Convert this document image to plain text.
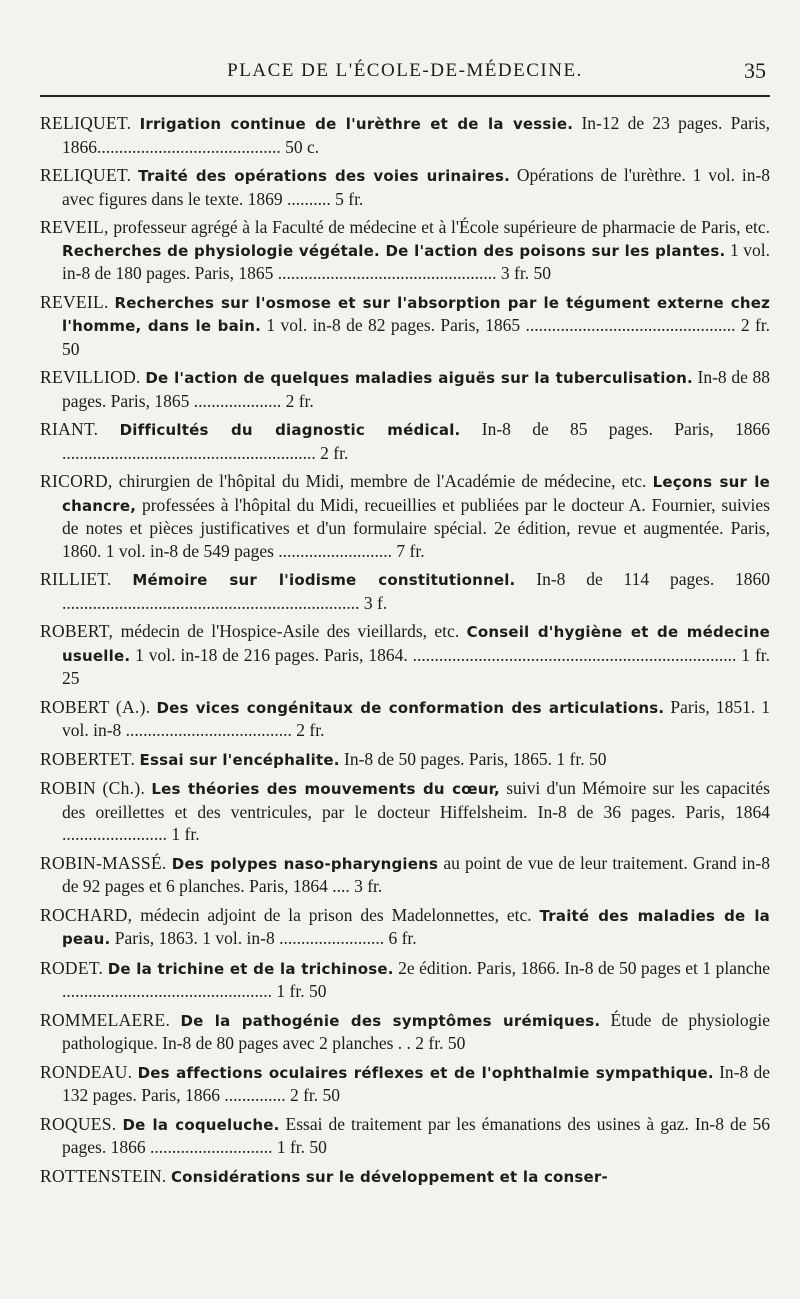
PLACE DE L'ÉCOLE-DE-MÉDECINE.	35
RELIQUET. Irrigation continue de l'urèthre et de la vessie. In-12 de 23 pages. Paris, 1866.......................................... 50 c.
RELIQUET. Traité des opérations des voies urinaires. Opérations de l'urèthre. 1 vol. in-8 avec figures dans le texte. 1869 .......... 5 fr.
REVEIL, professeur agrégé à la Faculté de médecine et à l'École supérieure de pharmacie de Paris, etc. Recherches de physiologie végétale. De l'action des poisons sur les plantes. 1 vol. in-8 de 180 pages. Paris, 1865 .................................................. 3 fr. 50
REVEIL. Recherches sur l'osmose et sur l'absorption par le tégument externe chez l'homme, dans le bain. 1 vol. in-8 de 82 pages. Paris, 1865 ................................................ 2 fr. 50
REVILLIOD. De l'action de quelques maladies aiguës sur la tuberculisation. In-8 de 88 pages. Paris, 1865 .................... 2 fr.
RIANT. Difficultés du diagnostic médical. In-8 de 85 pages. Paris, 1866 .......................................................... 2 fr.
RICORD, chirurgien de l'hôpital du Midi, membre de l'Académie de médecine, etc. Leçons sur le chancre, professées à l'hôpital du Midi, recueillies et publiées par le docteur A. Fournier, suivies de notes et pièces justificatives et d'un formulaire spécial. 2e édition, revue et augmentée. Paris, 1860. 1 vol. in-8 de 549 pages .......................... 7 fr.
RILLIET. Mémoire sur l'iodisme constitutionnel. In-8 de 114 pages. 1860 .................................................................... 3 f.
ROBERT, médecin de l'Hospice-Asile des vieillards, etc. Conseil d'hygiène et de médecine usuelle. 1 vol. in-18 de 216 pages. Paris, 1864. .......................................................................... 1 fr. 25
ROBERT (A.). Des vices congénitaux de conformation des articulations. Paris, 1851. 1 vol. in-8 ...................................... 2 fr.
ROBERTET. Essai sur l'encéphalite. In-8 de 50 pages. Paris, 1865. 1 fr. 50
ROBIN (Ch.). Les théories des mouvements du cœur, suivi d'un Mémoire sur les capacités des oreillettes et des ventricules, par le docteur Hiffelsheim. In-8 de 36 pages. Paris, 1864 ........................ 1 fr.
ROBIN-MASSÉ. Des polypes naso-pharyngiens au point de vue de leur traitement. Grand in-8 de 92 pages et 6 planches. Paris, 1864 .... 3 fr.
ROCHARD, médecin adjoint de la prison des Madelonnettes, etc. Traité des maladies de la peau. Paris, 1863. 1 vol. in-8 ........................ 6 fr.
RODET. De la trichine et de la trichinose. 2e édition. Paris, 1866. In-8 de 50 pages et 1 planche ................................................ 1 fr. 50
ROMMELAERE. De la pathogénie des symptômes urémiques. Étude de physiologie pathologique. In-8 de 80 pages avec 2 planches . . 2 fr. 50
RONDEAU. Des affections oculaires réflexes et de l'ophthalmie sympathique. In-8 de 132 pages. Paris, 1866 .............. 2 fr. 50
ROQUES. De la coqueluche. Essai de traitement par les émanations des usines à gaz. In-8 de 56 pages. 1866 ............................ 1 fr. 50
ROTTENSTEIN. Considérations sur le développement et la conser-
